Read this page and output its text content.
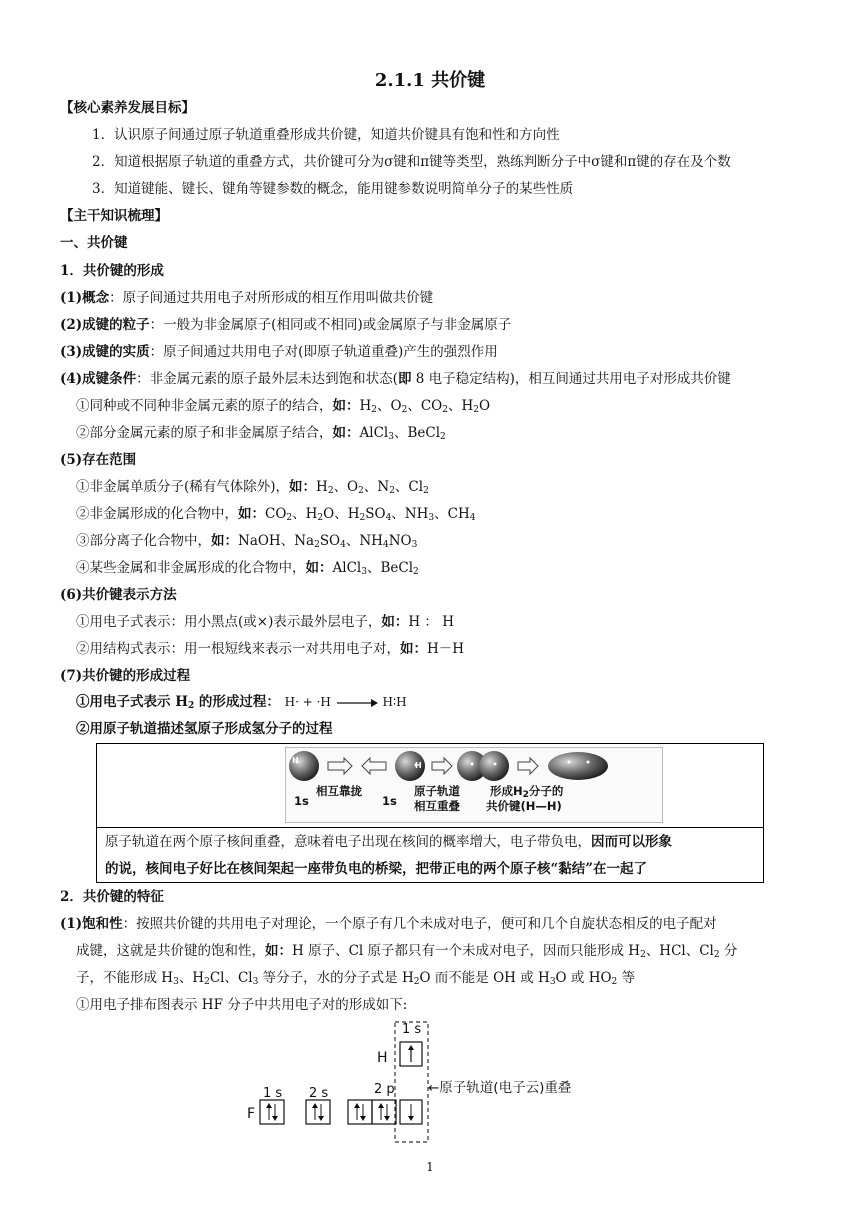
2.1.1 共价键
【核心素养发展目标】
1．认识原子间通过原子轨道重叠形成共价键，知道共价键具有饱和性和方向性
2．知道根据原子轨道的重叠方式，共价键可分为σ键和π键等类型，熟练判断分子中σ键和π键的存在及个数
3．知道键能、键长、键角等键参数的概念，能用键参数说明简单分子的某些性质
【主干知识梳理】
一、共价键
1．共价键的形成
(1)概念：原子间通过共用电子对所形成的相互作用叫做共价键
(2)成键的粒子：一般为非金属原子(相同或不相同)或金属原子与非金属原子
(3)成键的实质：原子间通过共用电子对(即原子轨道重叠)产生的强烈作用
(4)成键条件：非金属元素的原子最外层未达到饱和状态(即 8 电子稳定结构)，相互间通过共用电子对形成共价键
①同种或不同种非金属元素的原子的结合，如：$H_2$、$O_2$、$CO_2$、$H_2O$
②部分金属元素的原子和非金属原子结合，如：AlCl$_3$、BeCl$_2$
(5)存在范围
①非金属单质分子(稀有气体除外)，如：$H_2$、$O_2$、$N_2$、$Cl_2$
②非金属形成的化合物中，如：$CO_2$、$H_2O$、$H_2SO_4$、$NH_3$、$CH_4$
③部分离子化合物中，如：NaOH、$Na_2SO_4$、$NH_4NO_3$
④某些金属和非金属形成的化合物中，如：AlCl$_3$、BeCl$_2$
(6)共价键表示方法
①用电子式表示：用小黑点(或×)表示最外层电子，如：H ： H
②用结构式表示：用一根短线来表示一对共用电子对，如：H－H
(7)共价键的形成过程
①用电子式表示 $H_2$ 的形成过程： H· + ·H	H∶H
②用原子轨道描述氢原子形成氢分子的过程
H
H
1s
相互靠拢
1s
原子轨道
相互重叠
形成$H_2$分子的
共价键(H—H)
原子轨道在两个原子核间重叠，意味着电子出现在核间的概率增大，电子带负电，因而可以形象
的说，核间电子好比在核间架起一座带负电的桥梁，把带正电的两个原子核“黏结”在一起了
2．共价键的特征
(1)饱和性：按照共价键的共用电子对理论，一个原子有几个未成对电子，便可和几个自旋状态相反的电子配对
成键，这就是共价键的饱和性，如：H 原子、Cl 原子都只有一个未成对电子，因而只能形成 $H_2$、HCl、$Cl_2$ 分
子，不能形成 $H_3$、$H_2Cl$、$Cl_3$ 等分子，水的分子式是 $H_2O$ 而不能是 OH 或 $H_3O$ 或 $HO_2$ 等
①用电子排布图表示 HF 分子中共用电子对的形成如下:
1 s
H
←原子轨道(电子云)重叠
1 s 2 s	2 p
F
1
